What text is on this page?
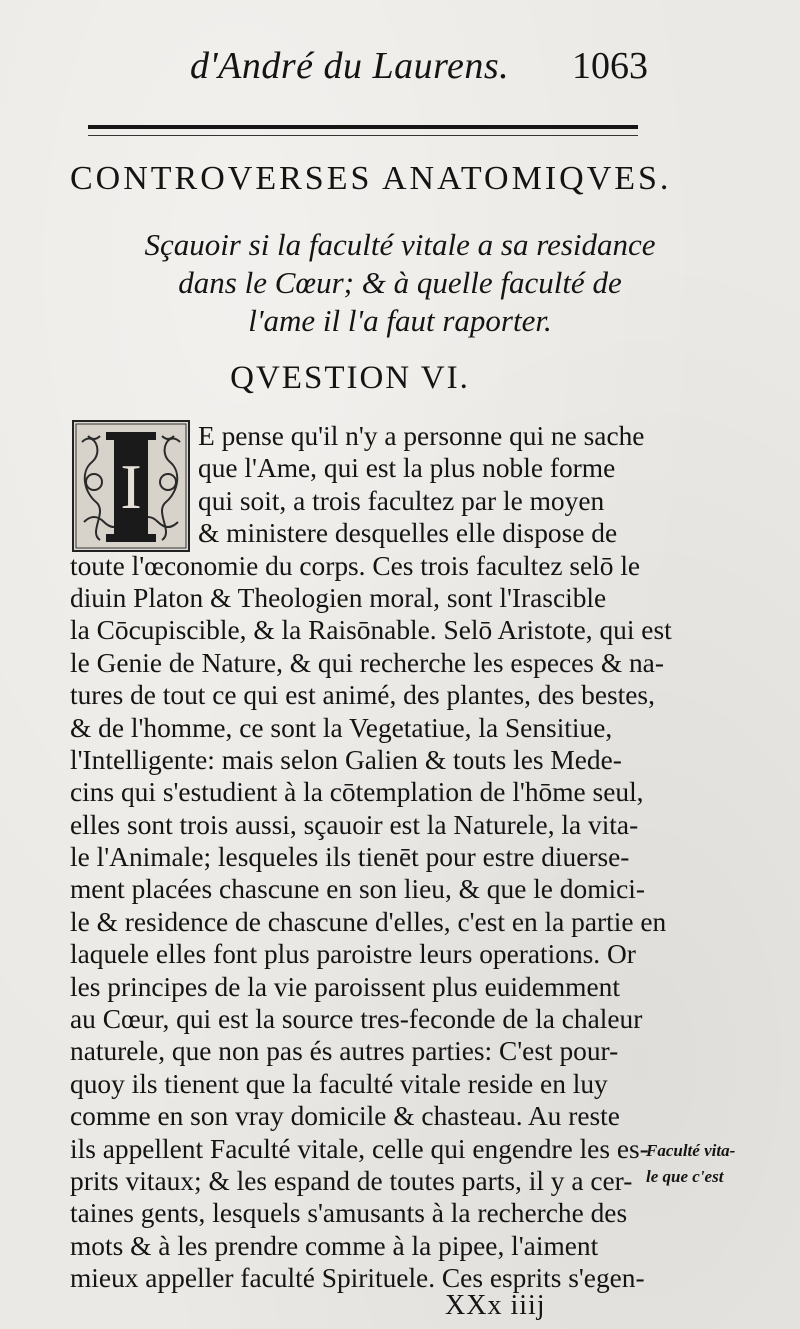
d'André du Laurens. 1063
CONTROVERSES ANATOMIQVES.
Sçauoir si la faculté vitale a sa residance
dans le Cœur; & à quelle faculté de
l'ame il l'a faut raporter.
QVESTION VI.
I
E pense qu'il n'y a personne qui ne sache
que l'Ame, qui est la plus noble forme
qui soit, a trois facultez par le moyen
& ministere desquelles elle dispose de
toute l'œconomie du corps. Ces trois facultez selō le
diuin Platon & Theologien moral, sont l'Irascible
la Cōcupiscible, & la Raisōnable. Selō Aristote, qui est
le Genie de Nature, & qui recherche les especes & na-
tures de tout ce qui est animé, des plantes, des bestes,
& de l'homme, ce sont la Vegetatiue, la Sensitiue,
l'Intelligente: mais selon Galien & touts les Mede-
cins qui s'estudient à la cōtemplation de l'hōme seul,
elles sont trois aussi, sçauoir est la Naturele, la vita-
le l'Animale; lesqueles ils tienēt pour estre diuerse-
ment placées chascune en son lieu, & que le domici-
le & residence de chascune d'elles, c'est en la partie en
laquele elles font plus paroistre leurs operations. Or
les principes de la vie paroissent plus euidemment
au Cœur, qui est la source tres-feconde de la chaleur
naturele, que non pas és autres parties: C'est pour-
quoy ils tienent que la faculté vitale reside en luy
comme en son vray domicile & chasteau. Au reste
ils appellent Faculté vitale, celle qui engendre les es-
prits vitaux; & les espand de toutes parts, il y a cer-
taines gents, lesquels s'amusants à la recherche des
mots & à les prendre comme à la pipee, l'aiment
mieux appeller faculté Spirituele. Ces esprits s'egen-
Faculté vita-
le que c'est
XXx iiij
